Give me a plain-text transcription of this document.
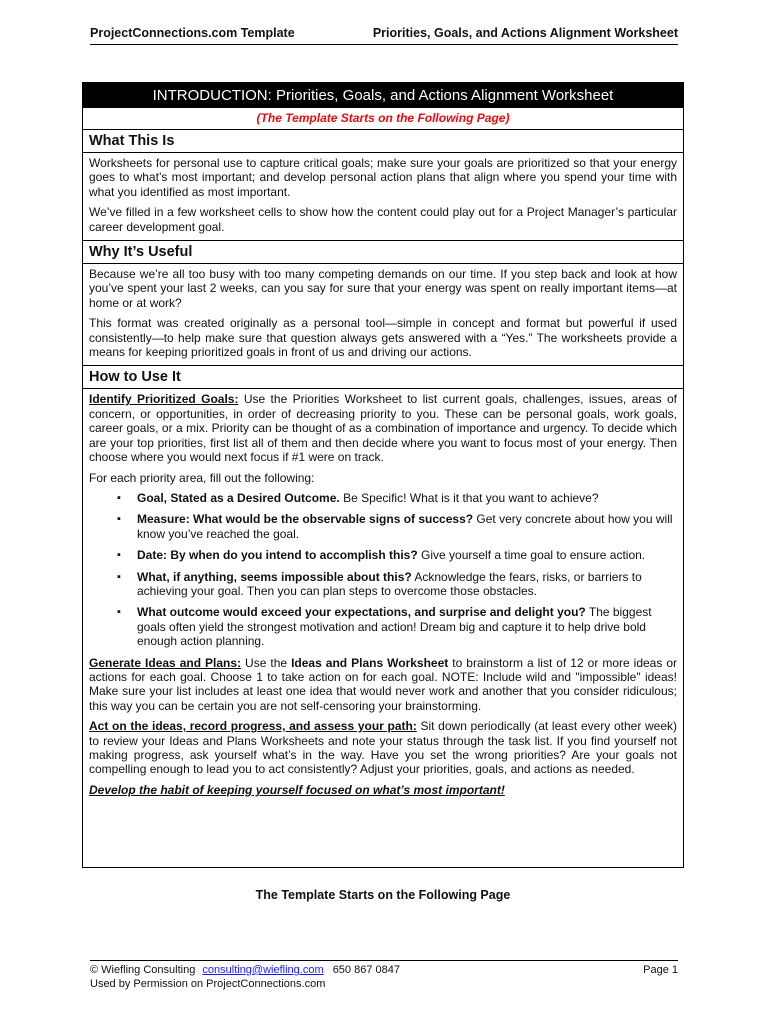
ProjectConnections.com Template	Priorities, Goals, and Actions Alignment Worksheet
INTRODUCTION: Priorities, Goals, and Actions Alignment Worksheet
(The Template Starts on the Following Page)
What This Is

Worksheets for personal use to capture critical goals; make sure your goals are prioritized so that your energy goes to what’s most important; and develop personal action plans that align where you spend your time with what you identified as most important.

We’ve filled in a few worksheet cells to show how the content could play out for a Project Manager’s particular career development goal.

Why It’s Useful

Because we’re all too busy with too many competing demands on our time. If you step back and look at how you’ve spent your last 2 weeks, can you say for sure that your energy was spent on really important items—at home or at work?

This format was created originally as a personal tool—simple in concept and format but powerful if used consistently—to help make sure that question always gets answered with a “Yes.” The worksheets provide a means for keeping prioritized goals in front of us and driving our actions.

How to Use It

Identify Prioritized Goals: Use the Priorities Worksheet to list current goals, challenges, issues, areas of concern, or opportunities, in order of decreasing priority to you. These can be personal goals, work goals, career goals, or a mix. Priority can be thought of as a combination of importance and urgency. To decide which are your top priorities, first list all of them and then decide where you want to focus most of your energy. Then choose where you would next focus if #1 were on track.

For each priority area, fill out the following:

▪ Goal, Stated as a Desired Outcome. Be Specific! What is it that you want to achieve?
▪ Measure: What would be the observable signs of success? Get very concrete about how you will know you’ve reached the goal.
▪ Date: By when do you intend to accomplish this? Give yourself a time goal to ensure action.
▪ What, if anything, seems impossible about this? Acknowledge the fears, risks, or barriers to achieving your goal. Then you can plan steps to overcome those obstacles.
▪ What outcome would exceed your expectations, and surprise and delight you? The biggest goals often yield the strongest motivation and action! Dream big and capture it to help drive bold enough action planning.

Generate Ideas and Plans: Use the Ideas and Plans Worksheet to brainstorm a list of 12 or more ideas or actions for each goal. Choose 1 to take action on for each goal. NOTE: Include wild and "impossible" ideas! Make sure your list includes at least one idea that would never work and another that you consider ridiculous; this way you can be certain you are not self-censoring your brainstorming.

Act on the ideas, record progress, and assess your path: Sit down periodically (at least every other week) to review your Ideas and Plans Worksheets and note your status through the task list. If you find yourself not making progress, ask yourself what’s in the way. Have you set the wrong priorities? Are your goals not compelling enough to lead you to act consistently? Adjust your priorities, goals, and actions as needed.

Develop the habit of keeping yourself focused on what’s most important!

The Template Starts on the Following Page
© Wiefling Consulting consulting@wiefling.com 650 867 0847	Page 1
Used by Permission on ProjectConnections.com
